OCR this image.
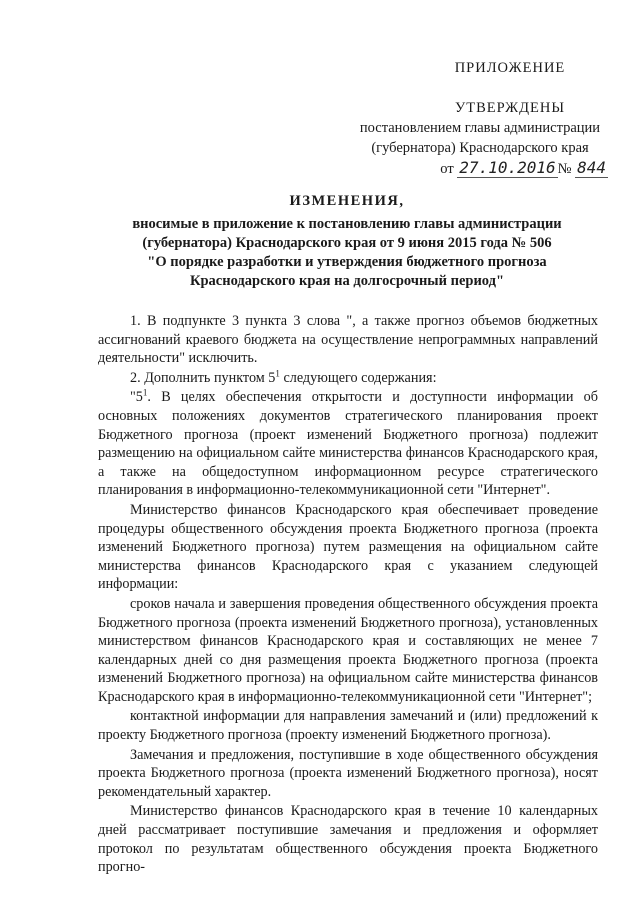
ПРИЛОЖЕНИЕ
УТВЕРЖДЕНЫ
постановлением главы администрации
(губернатора) Краснодарского края
от 27.10.2016 № 844
ИЗМЕНЕНИЯ,
вносимые в приложение к постановлению главы администрации
(губернатора) Краснодарского края от 9 июня 2015 года № 506
"О порядке разработки и утверждения бюджетного прогноза
Краснодарского края на долгосрочный период"

1. В подпункте 3 пункта 3 слова ", а также прогноз объемов бюджетных ассигнований краевого бюджета на осуществление непрограммных направлений деятельности" исключить.

2. Дополнить пунктом $5^1$ следующего содержания:

"$5^1$. В целях обеспечения открытости и доступности информации об основных положениях документов стратегического планирования проект Бюджетного прогноза (проект изменений Бюджетного прогноза) подлежит размещению на официальном сайте министерства финансов Краснодарского края, а также на общедоступном информационном ресурсе стратегического планирования в информационно-телекоммуникационной сети "Интернет".

Министерство финансов Краснодарского края обеспечивает проведение процедуры общественного обсуждения проекта Бюджетного прогноза (проекта изменений Бюджетного прогноза) путем размещения на официальном сайте министерства финансов Краснодарского края с указанием следующей информации:

сроков начала и завершения проведения общественного обсуждения проекта Бюджетного прогноза (проекта изменений Бюджетного прогноза), установленных министерством финансов Краснодарского края и составляющих не менее 7 календарных дней со дня размещения проекта Бюджетного прогноза (проекта изменений Бюджетного прогноза) на официальном сайте министерства финансов Краснодарского края в информационно-телекоммуникационной сети "Интернет";

контактной информации для направления замечаний и (или) предложений к проекту Бюджетного прогноза (проекту изменений Бюджетного прогноза).

Замечания и предложения, поступившие в ходе общественного обсуждения проекта Бюджетного прогноза (проекта изменений Бюджетного прогноза), носят рекомендательный характер.

Министерство финансов Краснодарского края в течение 10 календарных дней рассматривает поступившие замечания и предложения и оформляет протокол по результатам общественного обсуждения проекта Бюджетного прогно-
